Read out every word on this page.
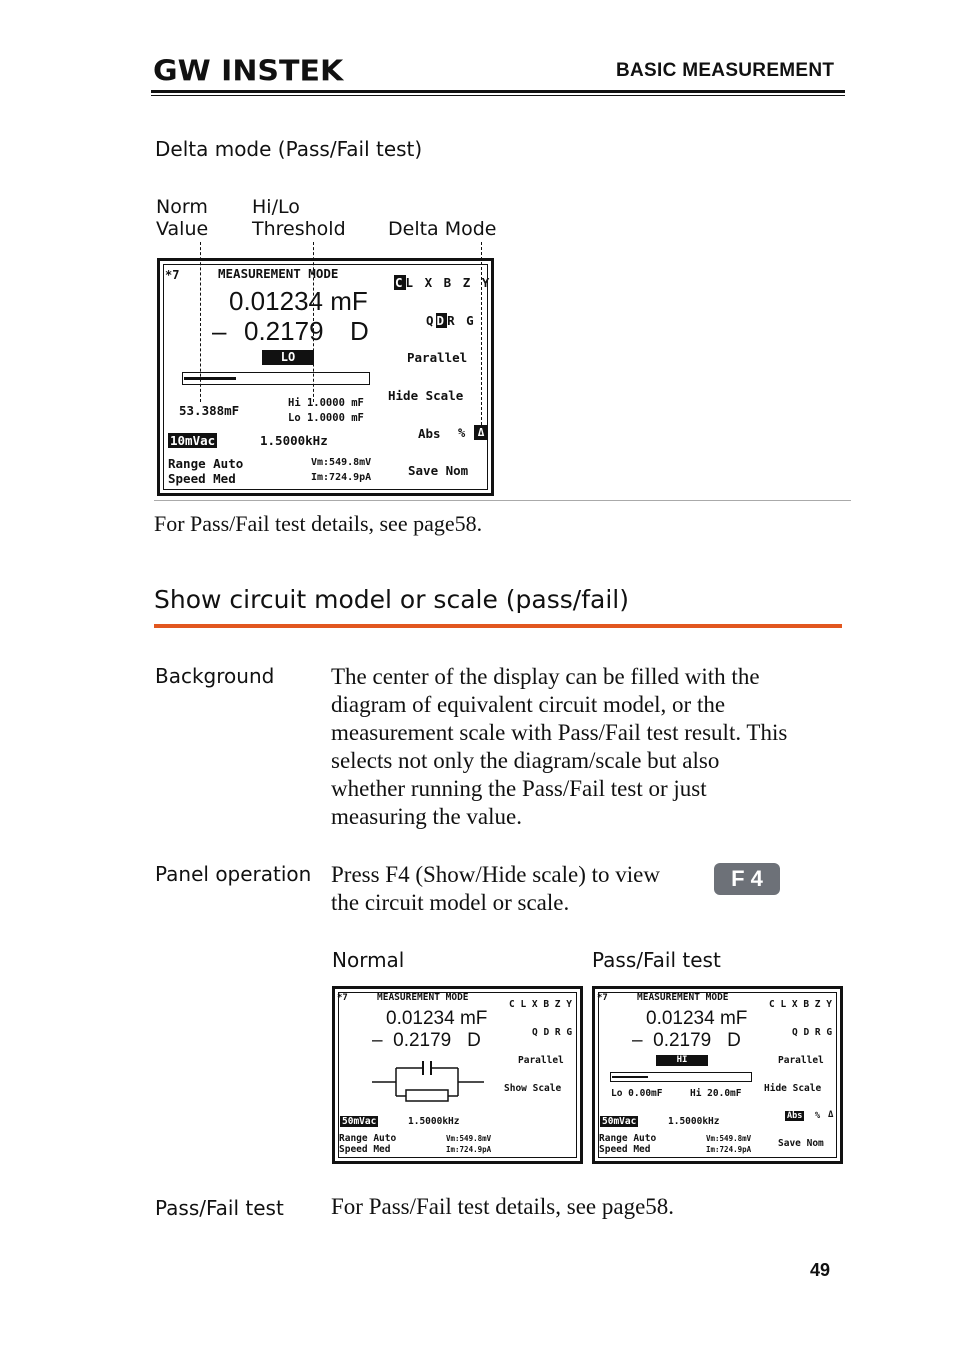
GW INSTEK	BASIC MEASUREMENT
Delta mode (Pass/Fail test)
Norm
Value
Hi/Lo
Threshold Delta Mode
*7	MEASUREMENT MODE
CL X B Z Y
QDR G
0.01234 mF
– 0.2179 D
LO	Parallel
Hide Scale
53.388mF	Hi 1.0000 mF
Lo 1.0000 mF
Abs %	Δ
10mVac	1.5000kHz
Range Auto
Speed Med
Vm:549.8mV
Im:724.9pA	Save Nom
For Pass/Fail test details, see page58.
Show circuit model or scale (pass/fail)
Background The center of the display can be filled with the
diagram of equivalent circuit model, or the
measurement scale with Pass/Fail test result. This
selects not only the diagram/scale but also
whether running the Pass/Fail test or just
measuring the value.
Panel operation Press F4 (Show/Hide scale) to view
the circuit model or scale.
F 4
Normal	Pass/Fail test
*7	MEASUREMENT MODE
C L X B Z Y
Q D R G
0.01234 mF
–  0.2179   D
Parallel
Show Scale
50mVac	1.5000kHz
Range Auto
Speed Med
Vm:549.8mV
Im:724.9pA
*7	MEASUREMENT MODE
C L X B Z Y
Q D R G
0.01234 mF
–  0.2179   D
HI	Parallel
Hide Scale
Lo 0.00mF	Hi 20.0mF
Abs % Δ
50mVac	1.5000kHz
Range Auto
Speed Med
Vm:549.8mV
Im:724.9pA
Save Nom
Pass/Fail test For Pass/Fail test details, see page58.
49
